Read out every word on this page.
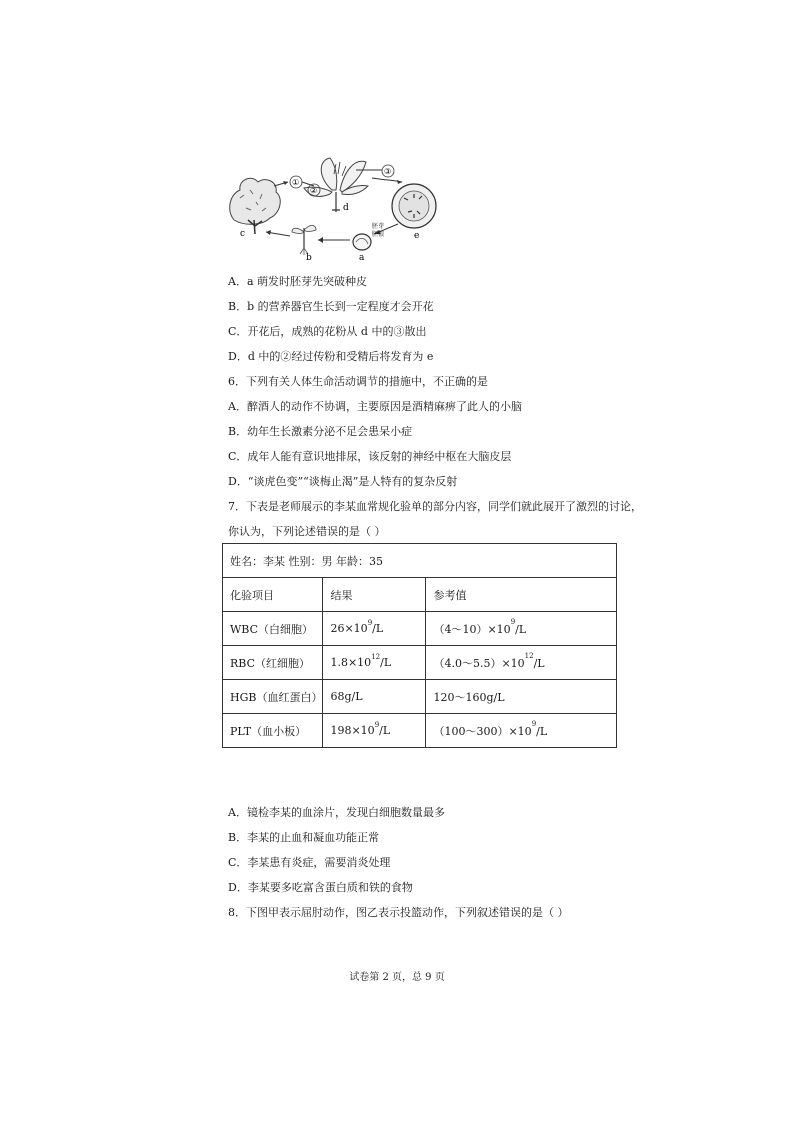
c
①
②
d
③
e
胚芽
胚根
a
b
A．a 萌发时胚芽先突破种皮
B．b 的营养器官生长到一定程度才会开花
C．开花后，成熟的花粉从 d 中的③散出
D．d 中的②经过传粉和受精后将发育为 e
6．下列有关人体生命活动调节的措施中，不正确的是
A．醉酒人的动作不协调，主要原因是酒精麻痹了此人的小脑
B．幼年生长激素分泌不足会患呆小症
C．成年人能有意识地排尿，该反射的神经中枢在大脑皮层
D．“谈虎色变”“谈梅止渴”是人特有的复杂反射
7．下表是老师展示的李某血常规化验单的部分内容，同学们就此展开了激烈的讨论，
你认为，下列论述错误的是（ ）
姓名：李某 性别：男 年龄：35		
化验项目	结果	参考值
WBC（白细胞）	$26\times 10^9/L$	$(4\sim 10)\times 10^9/L$
RBC（红细胞）	$1.8\times 10^{12}/L$	$(4.0\sim 5.5)\times 10^{12}/L$
HGB（血红蛋白）	68g/L	120～160g/L
PLT（血小板）	$198\times 10^9/L$	$(100\sim 300)\times 10^9/L$
A．镜检李某的血涂片，发现白细胞数量最多
B．李某的止血和凝血功能正常
C．李某患有炎症，需要消炎处理
D．李某要多吃富含蛋白质和铁的食物
8．下图甲表示屈肘动作，图乙表示投篮动作，下列叙述错误的是（ ）
试卷第 2 页，总 9 页
